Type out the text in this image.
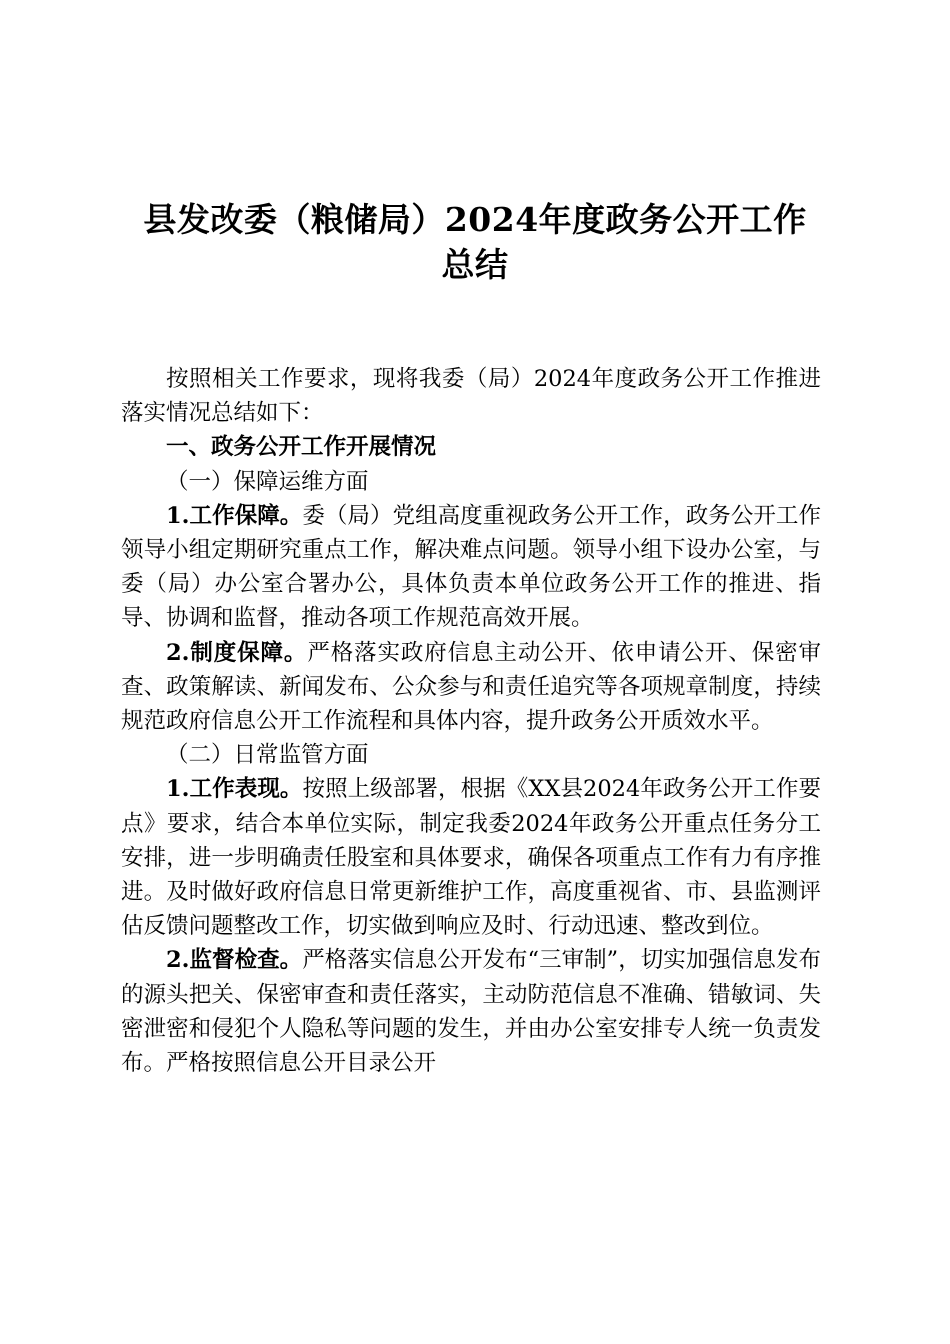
县发改委（粮储局）2024年度政务公开工作
总结

按照相关工作要求，现将我委（局）2024年度政务公开工作推进落实情况总结如下：

一、政务公开工作开展情况

（一）保障运维方面

1.工作保障。委（局）党组高度重视政务公开工作，政务公开工作领导小组定期研究重点工作，解决难点问题。领导小组下设办公室，与委（局）办公室合署办公，具体负责本单位政务公开工作的推进、指导、协调和监督，推动各项工作规范高效开展。

2.制度保障。严格落实政府信息主动公开、依申请公开、保密审查、政策解读、新闻发布、公众参与和责任追究等各项规章制度，持续规范政府信息公开工作流程和具体内容，提升政务公开质效水平。

（二）日常监管方面

1.工作表现。按照上级部署，根据《XX县2024年政务公开工作要点》要求，结合本单位实际，制定我委2024年政务公开重点任务分工安排，进一步明确责任股室和具体要求，确保各项重点工作有力有序推进。及时做好政府信息日常更新维护工作，高度重视省、市、县监测评估反馈问题整改工作，切实做到响应及时、行动迅速、整改到位。

2.监督检查。严格落实信息公开发布“三审制”，切实加强信息发布的源头把关、保密审查和责任落实，主动防范信息不准确、错敏词、失密泄密和侵犯个人隐私等问题的发生，并由办公室安排专人统一负责发布。严格按照信息公开目录公开
